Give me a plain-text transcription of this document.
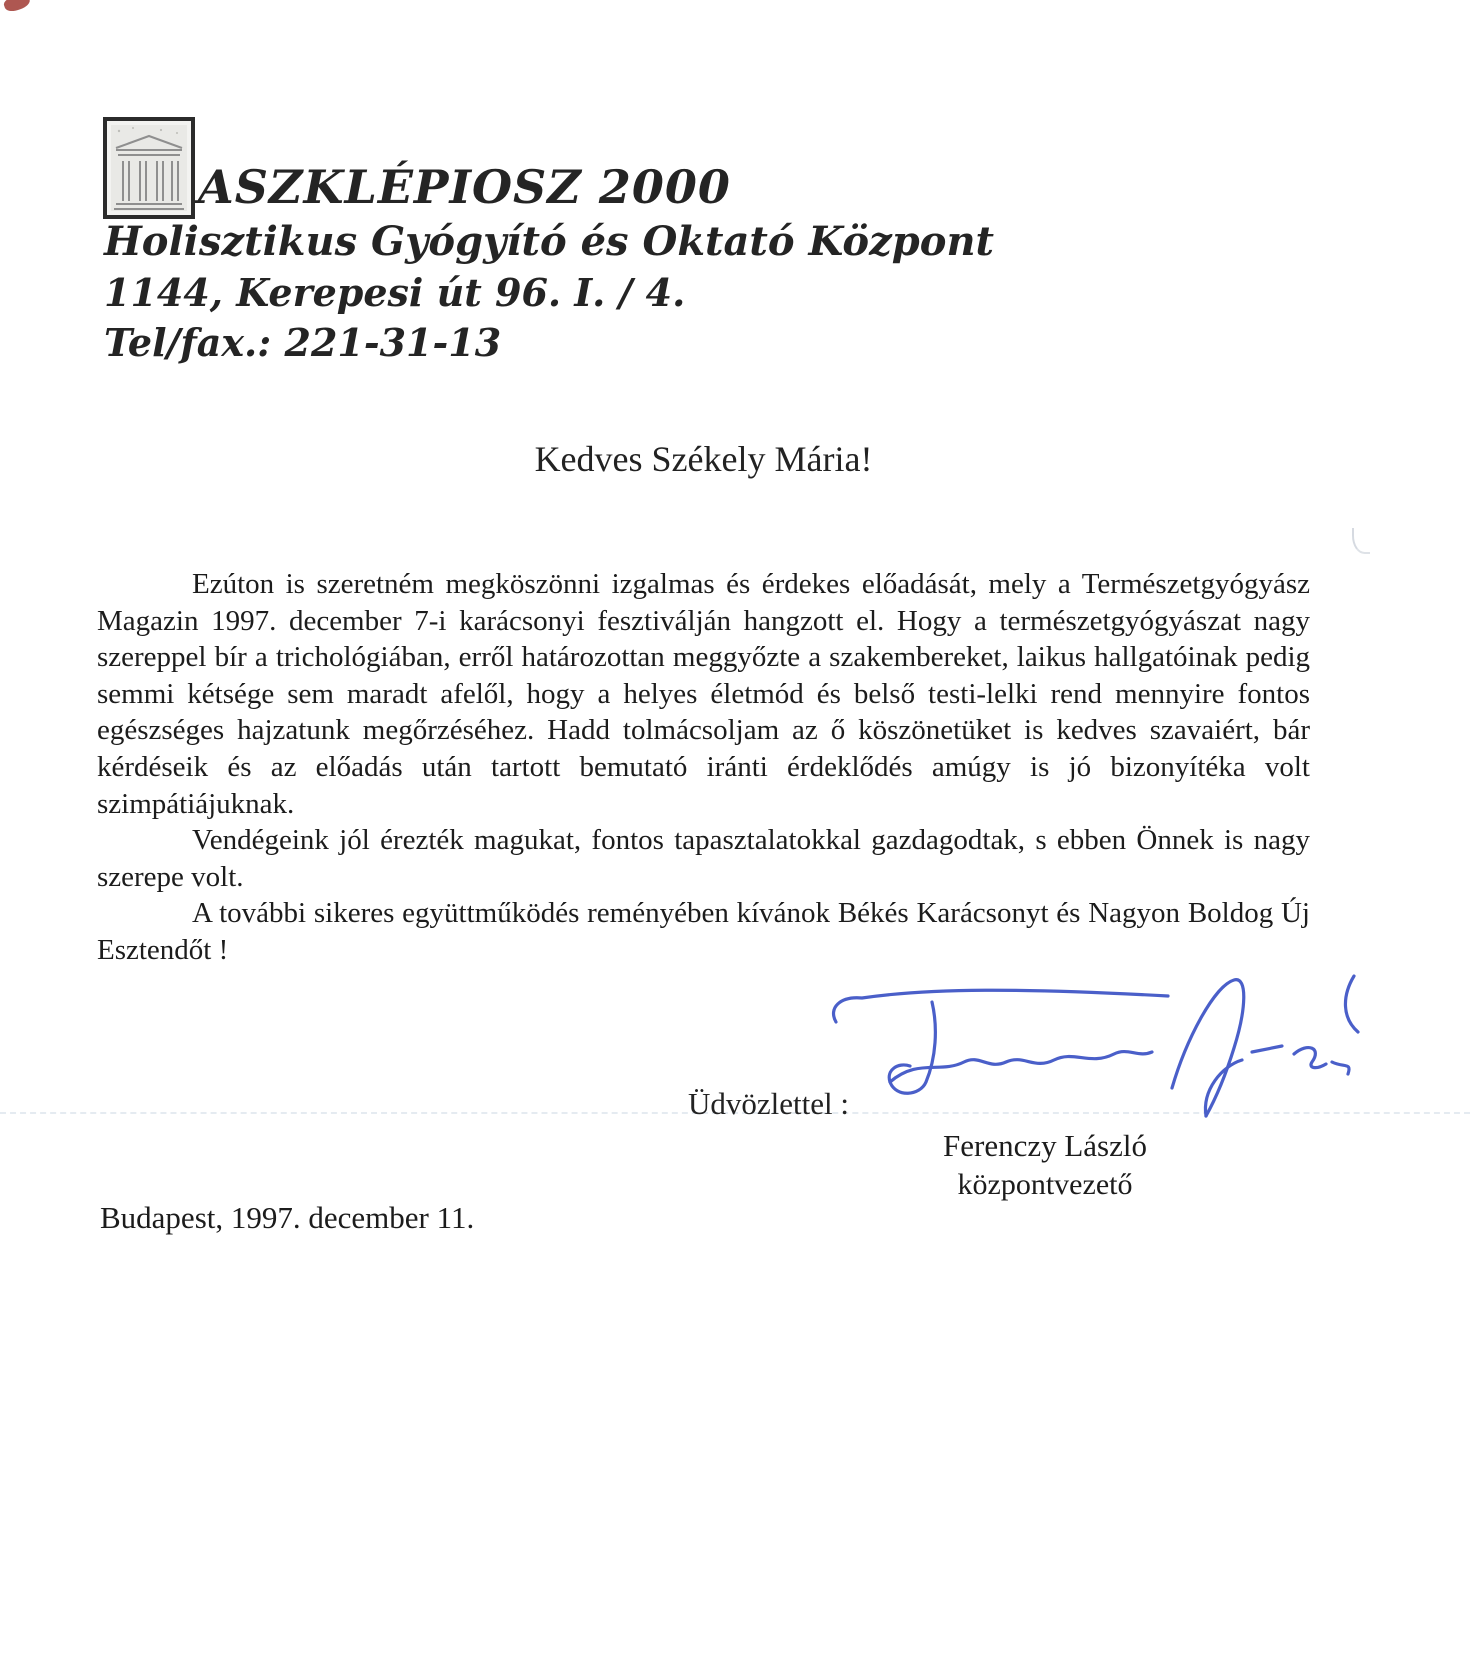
ASZKLÉPIOSZ 2000
Holisztikus Gyógyító és Oktató Központ
1144, Kerepesi út 96. I. / 4.
Tel/fax.: 221-31-13
Kedves Székely Mária!

Ezúton is szeretném megköszönni izgalmas és érdekes előadását, mely a Természetgyógyász Magazin 1997. december 7-i karácsonyi fesztiválján hangzott el. Hogy a természetgyógyászat nagy szereppel bír a trichológiában, erről határozottan meggyőzte a szakembereket, laikus hallgatóinak pedig semmi kétsége sem maradt afelől, hogy a helyes életmód és belső testi-lelki rend mennyire fontos egészséges hajzatunk megőrzéséhez. Hadd tolmácsoljam az ő köszönetüket is kedves szavaiért, bár kérdéseik és az előadás után tartott bemutató iránti érdeklődés amúgy is jó bizonyítéka volt szimpátiájuknak.

Vendégeink jól érezték magukat, fontos tapasztalatokkal gazdagodtak, s ebben Önnek is nagy szerepe volt.

A további sikeres együttműködés reményében kívánok Békés Karácsonyt és Nagyon Boldog Új Esztendőt !

Üdvözlettel :
Ferenczy László
központvezető
Budapest, 1997. december 11.
